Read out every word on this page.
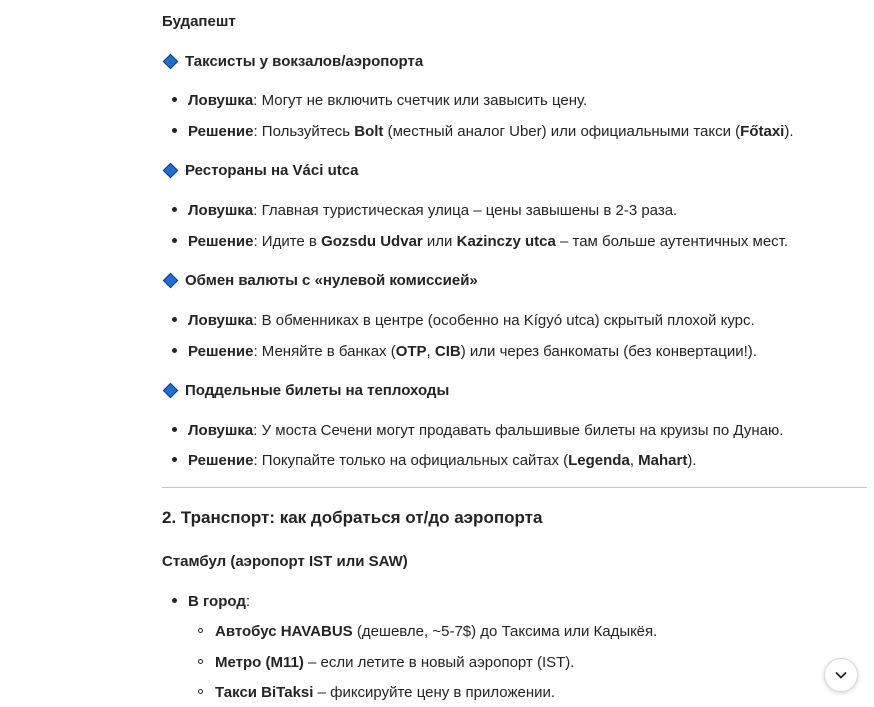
Будапешт
Таксисты у вокзалов/аэропорта
Ловушка: Могут не включить счетчик или завысить цену.
Решение: Пользуйтесь Bolt (местный аналог Uber) или официальными такси (Főtaxi).
Рестораны на Váci utca
Ловушка: Главная туристическая улица – цены завышены в 2-3 раза.
Решение: Идите в Gozsdu Udvar или Kazinczy utca – там больше аутентичных мест.
Обмен валюты с «нулевой комиссией»
Ловушка: В обменниках в центре (особенно на Kígyó utca) скрытый плохой курс.
Решение: Меняйте в банках (OTP, CIB) или через банкоматы (без конвертации!).
Поддельные билеты на теплоходы
Ловушка: У моста Сечени могут продавать фальшивые билеты на круизы по Дунаю.
Решение: Покупайте только на официальных сайтах (Legenda, Mahart).
2. Транспорт: как добраться от/до аэропорта
Стамбул (аэропорт IST или SAW)
В город:
Автобус HAVABUS (дешевле, ~5-7$) до Таксима или Кадыкёя.
Метро (M11) – если летите в новый аэропорт (IST).
Такси BiTaksi – фиксируйте цену в приложении.
